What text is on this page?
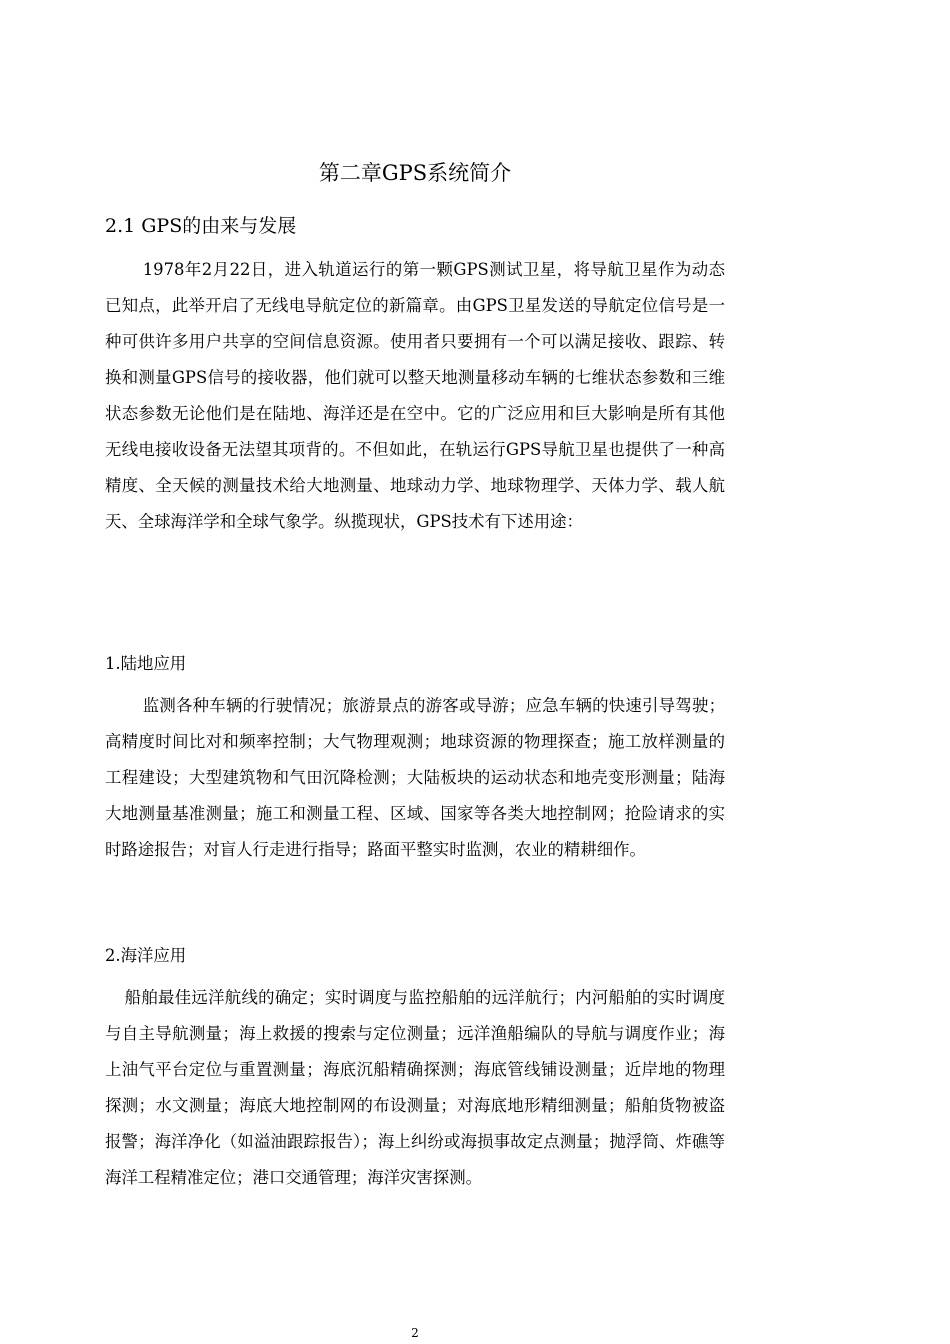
第二章GPS系统简介
2.1 GPS的由来与发展

1978年2月22日，进入轨道运行的第一颗GPS测试卫星，将导航卫星作为动态已知点，此举开启了无线电导航定位的新篇章。由GPS卫星发送的导航定位信号是一种可供许多用户共享的空间信息资源。使用者只要拥有一个可以满足接收、跟踪、转换和测量GPS信号的接收器，他们就可以整天地测量移动车辆的七维状态参数和三维状态参数无论他们是在陆地、海洋还是在空中。它的广泛应用和巨大影响是所有其他无线电接收设备无法望其项背的。不但如此，在轨运行GPS导航卫星也提供了一种高精度、全天候的测量技术给大地测量、地球动力学、地球物理学、天体力学、载人航天、全球海洋学和全球气象学。纵揽现状，GPS技术有下述用途：

1.陆地应用

监测各种车辆的行驶情况；旅游景点的游客或导游；应急车辆的快速引导驾驶；高精度时间比对和频率控制；大气物理观测；地球资源的物理探查；施工放样测量的工程建设；大型建筑物和气田沉降检测；大陆板块的运动状态和地壳变形测量；陆海大地测量基准测量；施工和测量工程、区域、国家等各类大地控制网；抢险请求的实时路途报告；对盲人行走进行指导；路面平整实时监测，农业的精耕细作。

2.海洋应用

船舶最佳远洋航线的确定；实时调度与监控船舶的远洋航行；内河船舶的实时调度与自主导航测量；海上救援的搜索与定位测量；远洋渔船编队的导航与调度作业；海上油气平台定位与重置测量；海底沉船精确探测；海底管线铺设测量；近岸地的物理探测；水文测量；海底大地控制网的布设测量；对海底地形精细测量；船舶货物被盗报警；海洋净化（如溢油跟踪报告）；海上纠纷或海损事故定点测量；抛浮筒、炸礁等海洋工程精准定位；港口交通管理；海洋灾害探测。

2
